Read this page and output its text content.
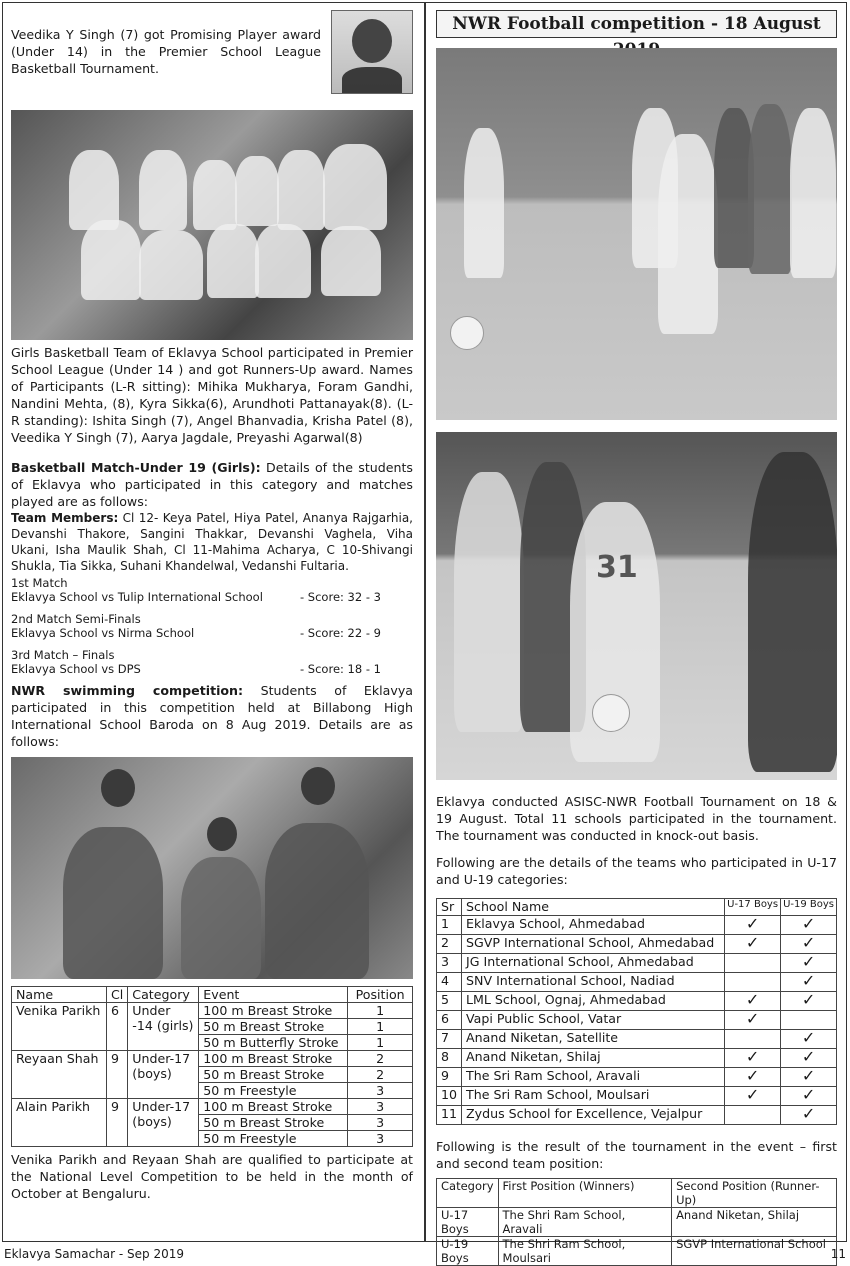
Veedika Y Singh (7) got Promising Player award (Under 14) in the Premier School League Basketball Tournament.

Girls Basketball Team of Eklavya School participated in Premier School League (Under 14 ) and got Runners-Up award. Names of Participants (L-R sitting): Mihika Mukharya, Foram Gandhi, Nandini Mehta, (8), Kyra Sikka(6), Arundhoti Pattanayak(8). (L-R standing): Ishita Singh (7), Angel Bhanvadia, Krisha Patel (8), Veedika Y Singh (7), Aarya Jagdale, Preyashi Agarwal(8)

Basketball Match-Under 19 (Girls): Details of the students of Eklavya who participated in this category and matches played are as follows:

Team Members: Cl 12- Keya Patel, Hiya Patel, Ananya Rajgarhia, Devanshi Thakore, Sangini Thakkar, Devanshi Vaghela, Viha Ukani, Isha Maulik Shah, Cl 11-Mahima Acharya, C 10-Shivangi Shukla, Tia Sikka, Suhani Khandelwal, Vedanshi Fultaria.

1st Match
Eklavya School vs Tulip International School	- Score: 32 - 3
2nd Match Semi-Finals
Eklavya School vs Nirma School	- Score: 22 - 9
3rd Match – Finals
Eklavya School vs DPS	- Score: 18 - 1

NWR swimming competition: Students of Eklavya participated in this competition held at Billabong High International School Baroda on 8 Aug 2019. Details are as follows:

Name	Cl	Category	Event	Position
Venika Parikh	6	Under -14 (girls)	100 m Breast Stroke	1
			50 m Breast Stroke	1
			50 m Butterfly Stroke	1
Reyaan Shah	9	Under-17 (boys)	100 m Breast Stroke	2
			50 m Breast Stroke	2
			50 m Freestyle	3
Alain Parikh	9	Under-17 (boys)	100 m Breast Stroke	3
			50 m Breast Stroke	3
			50 m Freestyle	3

Venika Parikh and Reyaan Shah are qualified to participate at the National Level Competition to be held in the month of October at Bengaluru.

NWR Football competition - 18 August
31

Eklavya conducted ASISC-NWR Football Tournament on 18 & 19 August. Total 11 schools participated in the tournament. The tournament was conducted in knock-out basis.

Following are the details of the teams who participated in U-17 and U-19 categories:

Sr	School Name	U-17 Boys	U-19 Boys
1	Eklavya School, Ahmedabad	✓	✓
2	SGVP International School, Ahmedabad	✓	✓
3	JG International School, Ahmedabad		✓
4	SNV International School, Nadiad		✓
5	LML School, Ognaj, Ahmedabad	✓	✓
6	Vapi Public School, Vatar	✓	
7	Anand Niketan, Satellite		✓
8	Anand Niketan, Shilaj	✓	✓
9	The Sri Ram School, Aravali	✓	✓
10	The Sri Ram School, Moulsari	✓	✓
11	Zydus School for Excellence, Vejalpur		✓

Following is the result of the tournament in the event – first and second team position:

Category	First Position (Winners)	Second Position (Runner-Up)
U-17 Boys	The Shri Ram School, Aravali	Anand Niketan, Shilaj
U-19 Boys	The Shri Ram School, Moulsari	SGVP International School
Eklavya Samachar - Sep 2019	11
